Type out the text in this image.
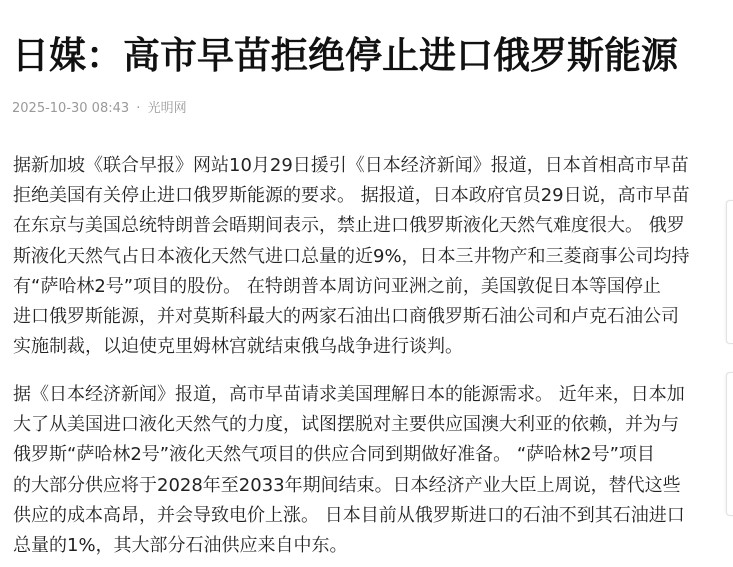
日媒：高市早苗拒绝停止进口俄罗斯能源
2025-10-30 08:43 · 光明网

据新加坡《联合早报》网站10月29日援引《日本经济新闻》报道，日本首相高市早苗
拒绝美国有关停止进口俄罗斯能源的要求。 据报道，日本政府官员29日说，高市早苗
在东京与美国总统特朗普会晤期间表示，禁止进口俄罗斯液化天然气难度很大。 俄罗
斯液化天然气占日本液化天然气进口总量的近9%，日本三井物产和三菱商事公司均持
有“萨哈林2号”项目的股份。 在特朗普本周访问亚洲之前，美国敦促日本等国停止
进口俄罗斯能源，并对莫斯科最大的两家石油出口商俄罗斯石油公司和卢克石油公司
实施制裁，以迫使克里姆林宫就结束俄乌战争进行谈判。

据《日本经济新闻》报道，高市早苗请求美国理解日本的能源需求。 近年来，日本加
大了从美国进口液化天然气的力度，试图摆脱对主要供应国澳大利亚的依赖，并为与
俄罗斯“萨哈林2号”液化天然气项目的供应合同到期做好准备。 “萨哈林2号”项目
的大部分供应将于2028年至2033年期间结束。日本经济产业大臣上周说，替代这些
供应的成本高昂，并会导致电价上涨。 日本目前从俄罗斯进口的石油不到其石油进口
总量的1%，其大部分石油供应来自中东。
